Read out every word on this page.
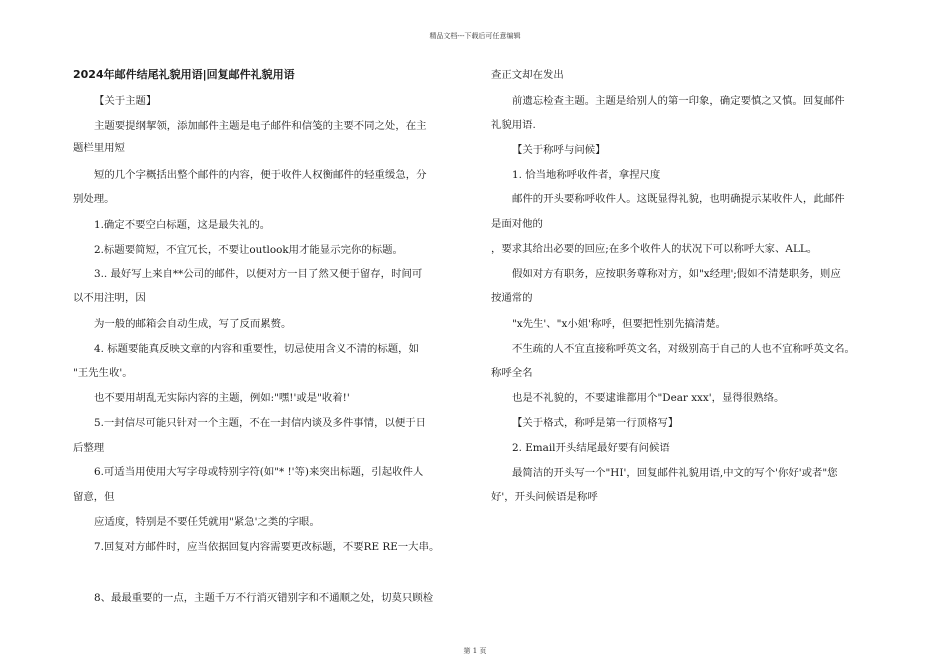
精品文档---下载后可任意编辑
2024年邮件结尾礼貌用语|回复邮件礼貌用语
【关于主题】
主题要提纲挈领，添加邮件主题是电子邮件和信笺的主要不同之处，在主
题栏里用短
短的几个字概括出整个邮件的内容，便于收件人权衡邮件的轻重缓急，分
别处理。
1.确定不要空白标题，这是最失礼的。
2.标题要简短，不宜冗长，不要让outlook用才能显示完你的标题。
3.. 最好写上来自**公司的邮件，以便对方一目了然又便于留存，时间可
以不用注明，因
为一般的邮箱会自动生成，写了反而累赘。
4. 标题要能真反映文章的内容和重要性，切忌使用含义不清的标题，如
"王先生收'。
也不要用胡乱无实际内容的主题，例如:"嘿!'或是"收着!'
5.一封信尽可能只针对一个主题，不在一封信内谈及多件事情，以便于日
后整理
6.可适当用使用大写字母或特别字符(如"* !'等)来突出标题，引起收件人
留意，但
应适度，特别是不要任凭就用"紧急'之类的字眼。
7.回复对方邮件时，应当依据回复内容需要更改标题，不要RE RE一大串。
8、最最重要的一点，主题千万不行消灭错别字和不通顺之处，切莫只顾检
查正文却在发出
前遗忘检查主题。主题是给别人的第一印象，确定要慎之又慎。回复邮件
礼貌用语.
【关于称呼与问候】
1. 恰当地称呼收件者，拿捏尺度
邮件的开头要称呼收件人。这既显得礼貌，也明确提示某收件人，此邮件
是面对他的
，要求其给出必要的回应;在多个收件人的状况下可以称呼大家、ALL。
假如对方有职务，应按职务尊称对方，如"x经理';假如不清楚职务，则应
按通常的
"x先生'、"x小姐'称呼，但要把性别先搞清楚。
不生疏的人不宜直接称呼英文名，对级别高于自己的人也不宜称呼英文名。
称呼全名
也是不礼貌的，不要逮谁都用个"Dear xxx'，显得很熟络。
【关于格式，称呼是第一行顶格写】
2. Email开头结尾最好要有问候语
最简洁的开头写一个"HI'，回复邮件礼貌用语,中文的写个'你好'或者"您
好'，开头问候语是称呼
第 1 页
